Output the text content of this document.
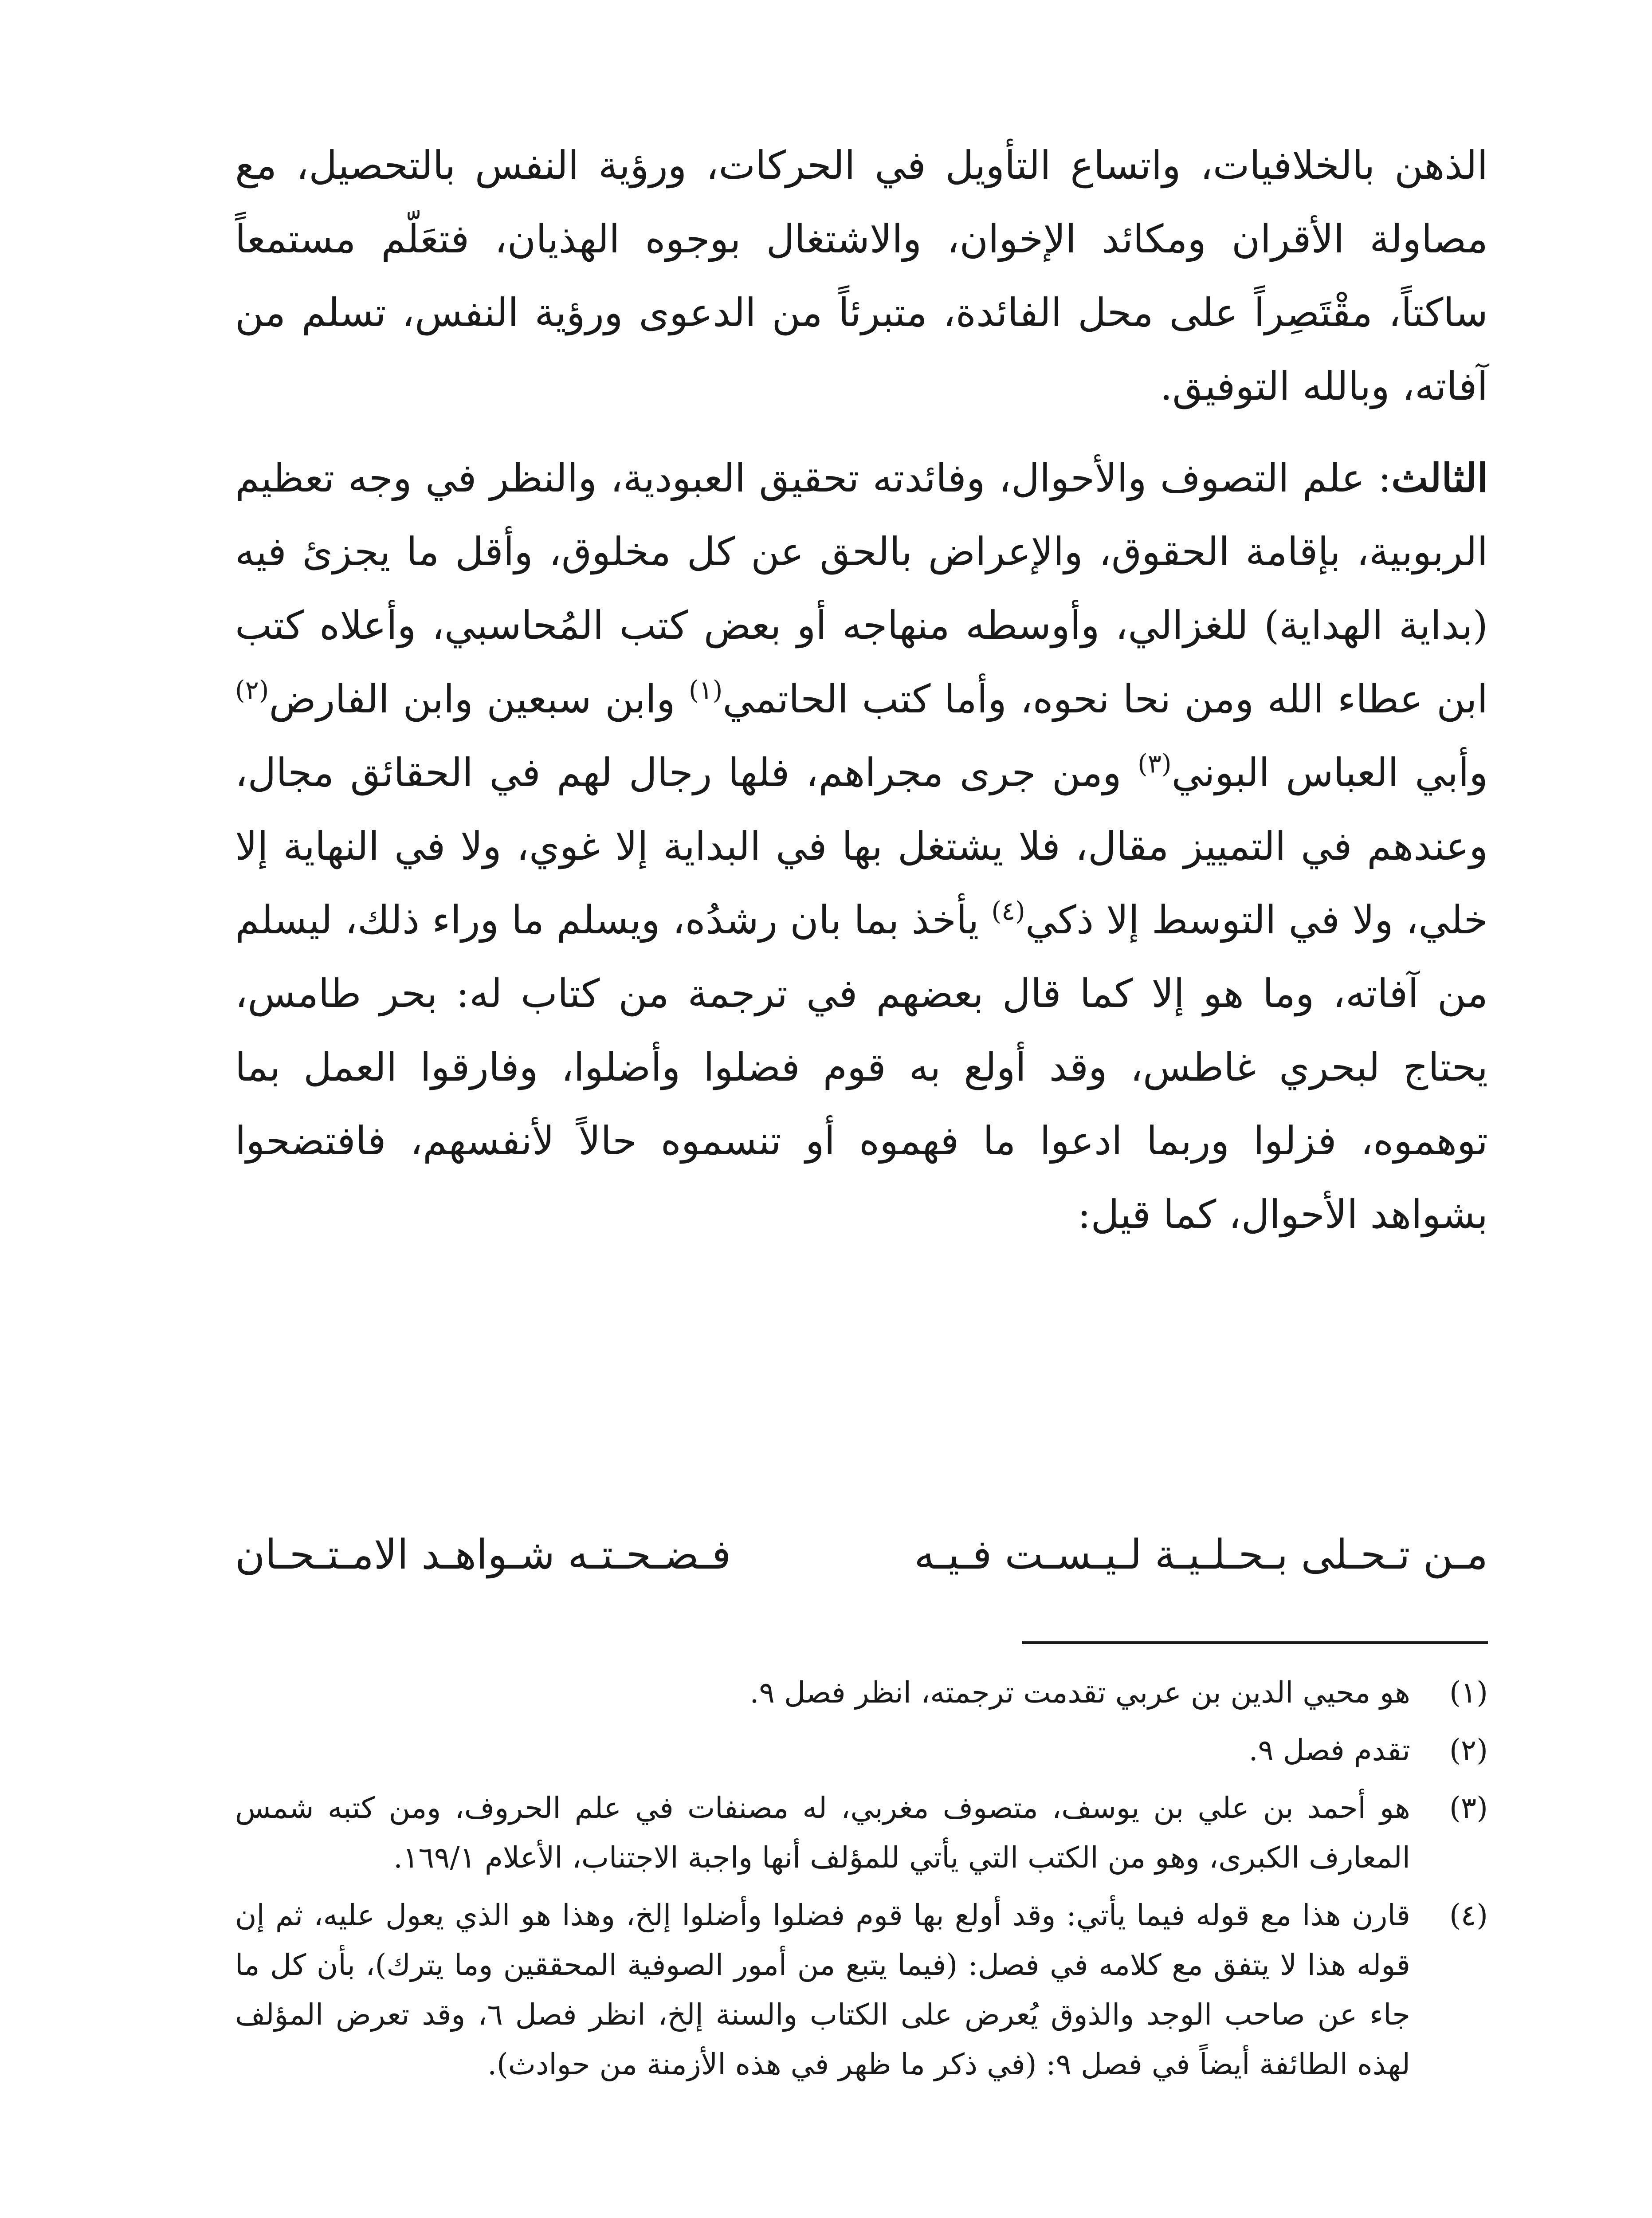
الذهن بالخلافيات، واتساع التأويل في الحركات، ورؤية النفس بالتحصيل، مع مصاولة الأقران ومكائد الإخوان، والاشتغال بوجوه الهذيان، فتعَلّم مستمعاً ساكتاً، مقْتَصِراً على محل الفائدة، متبرئاً من الدعوى ورؤية النفس، تسلم من آفاته، وبالله التوفيق.

الثالث: علم التصوف والأحوال، وفائدته تحقيق العبودية، والنظر في وجه تعظيم الربوبية، بإقامة الحقوق، والإعراض بالحق عن كل مخلوق، وأقل ما يجزئ فيه (بداية الهداية) للغزالي، وأوسطه منهاجه أو بعض كتب المُحاسبي، وأعلاه كتب ابن عطاء الله ومن نحا نحوه، وأما كتب الحاتمي$^{(١)}$ وابن سبعين وابن الفارض$^{(٢)}$ وأبي العباس البوني$^{(٣)}$ ومن جرى مجراهم، فلها رجال لهم في الحقائق مجال، وعندهم في التمييز مقال، فلا يشتغل بها في البداية إلا غوي، ولا في النهاية إلا خلي، ولا في التوسط إلا ذكي$^{(٤)}$ يأخذ بما بان رشدُه، ويسلم ما وراء ذلك، ليسلم من آفاته، وما هو إلا كما قال بعضهم في ترجمة من كتاب له: بحر طامس، يحتاج لبحري غاطس، وقد أولع به قوم فضلوا وأضلوا، وفارقوا العمل بما توهموه، فزلوا وربما ادعوا ما فهموه أو تنسموه حالاً لأنفسهم، فافتضحوا بشواهد الأحوال، كما قيل:

مـن تـحـلى بـحـلـيـة لـيـسـت فـيـه
فـضـحـتـه شـواهـد الامـتـحـان

(١)
هو محيي الدين بن عربي تقدمت ترجمته، انظر فصل ٩.

(٢)
تقدم فصل ٩.

(٣)
هو أحمد بن علي بن يوسف، متصوف مغربي، له مصنفات في علم الحروف، ومن كتبه شمس المعارف الكبرى، وهو من الكتب التي يأتي للمؤلف أنها واجبة الاجتناب، الأعلام ١٦٩/١.

(٤)
قارن هذا مع قوله فيما يأتي: وقد أولع بها قوم فضلوا وأضلوا إلخ، وهذا هو الذي يعول عليه، ثم إن قوله هذا لا يتفق مع كلامه في فصل: (فيما يتبع من أمور الصوفية المحققين وما يترك)، بأن كل ما جاء عن صاحب الوجد والذوق يُعرض على الكتاب والسنة إلخ، انظر فصل ٦، وقد تعرض المؤلف لهذه الطائفة أيضاً في فصل ٩: (في ذكر ما ظهر في هذه الأزمنة من حوادث).
